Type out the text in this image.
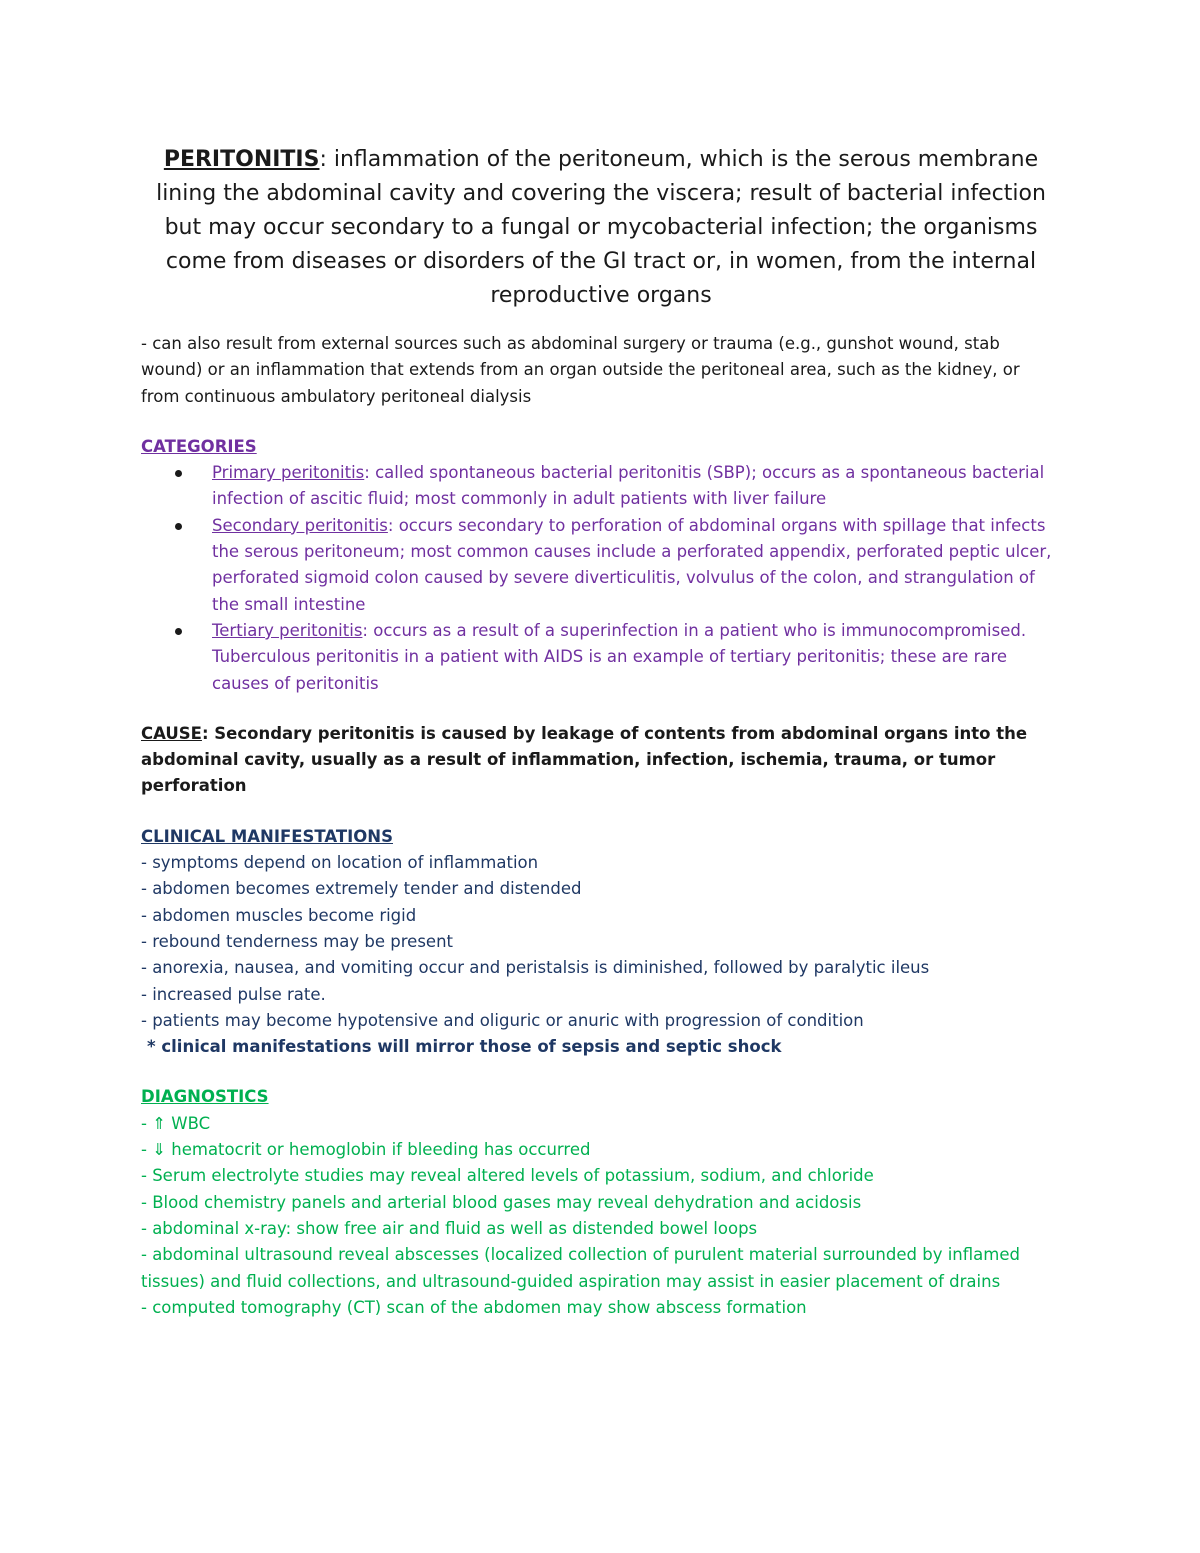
PERITONITIS: inflammation of the peritoneum, which is the serous membrane lining the abdominal cavity and covering the viscera; result of bacterial infection but may occur secondary to a fungal or mycobacterial infection; the organisms come from diseases or disorders of the GI tract or, in women, from the internal reproductive organs

- can also result from external sources such as abdominal surgery or trauma (e.g., gunshot wound, stab wound) or an inflammation that extends from an organ outside the peritoneal area, such as the kidney, or from continuous ambulatory peritoneal dialysis

CATEGORIES

Primary peritonitis: called spontaneous bacterial peritonitis (SBP); occurs as a spontaneous bacterial infection of ascitic fluid; most commonly in adult patients with liver failure
Secondary peritonitis: occurs secondary to perforation of abdominal organs with spillage that infects the serous peritoneum; most common causes include a perforated appendix, perforated peptic ulcer, perforated sigmoid colon caused by severe diverticulitis, volvulus of the colon, and strangulation of the small intestine
Tertiary peritonitis: occurs as a result of a superinfection in a patient who is immunocompromised. Tuberculous peritonitis in a patient with AIDS is an example of tertiary peritonitis; these are rare causes of peritonitis

CAUSE: Secondary peritonitis is caused by leakage of contents from abdominal organs into the abdominal cavity, usually as a result of inflammation, infection, ischemia, trauma, or tumor perforation

CLINICAL MANIFESTATIONS

- symptoms depend on location of inflammation

- abdomen becomes extremely tender and distended

- abdomen muscles become rigid

- rebound tenderness may be present

- anorexia, nausea, and vomiting occur and peristalsis is diminished, followed by paralytic ileus

- increased pulse rate.

- patients may become hypotensive and oliguric or anuric with progression of condition

* clinical manifestations will mirror those of sepsis and septic shock

DIAGNOSTICS

- ⇑ WBC

- ⇓ hematocrit or hemoglobin if bleeding has occurred

- Serum electrolyte studies may reveal altered levels of potassium, sodium, and chloride

- Blood chemistry panels and arterial blood gases may reveal dehydration and acidosis

- abdominal x-ray: show free air and fluid as well as distended bowel loops

- abdominal ultrasound reveal abscesses (localized collection of purulent material surrounded by inflamed tissues) and fluid collections, and ultrasound-guided aspiration may assist in easier placement of drains

- computed tomography (CT) scan of the abdomen may show abscess formation
